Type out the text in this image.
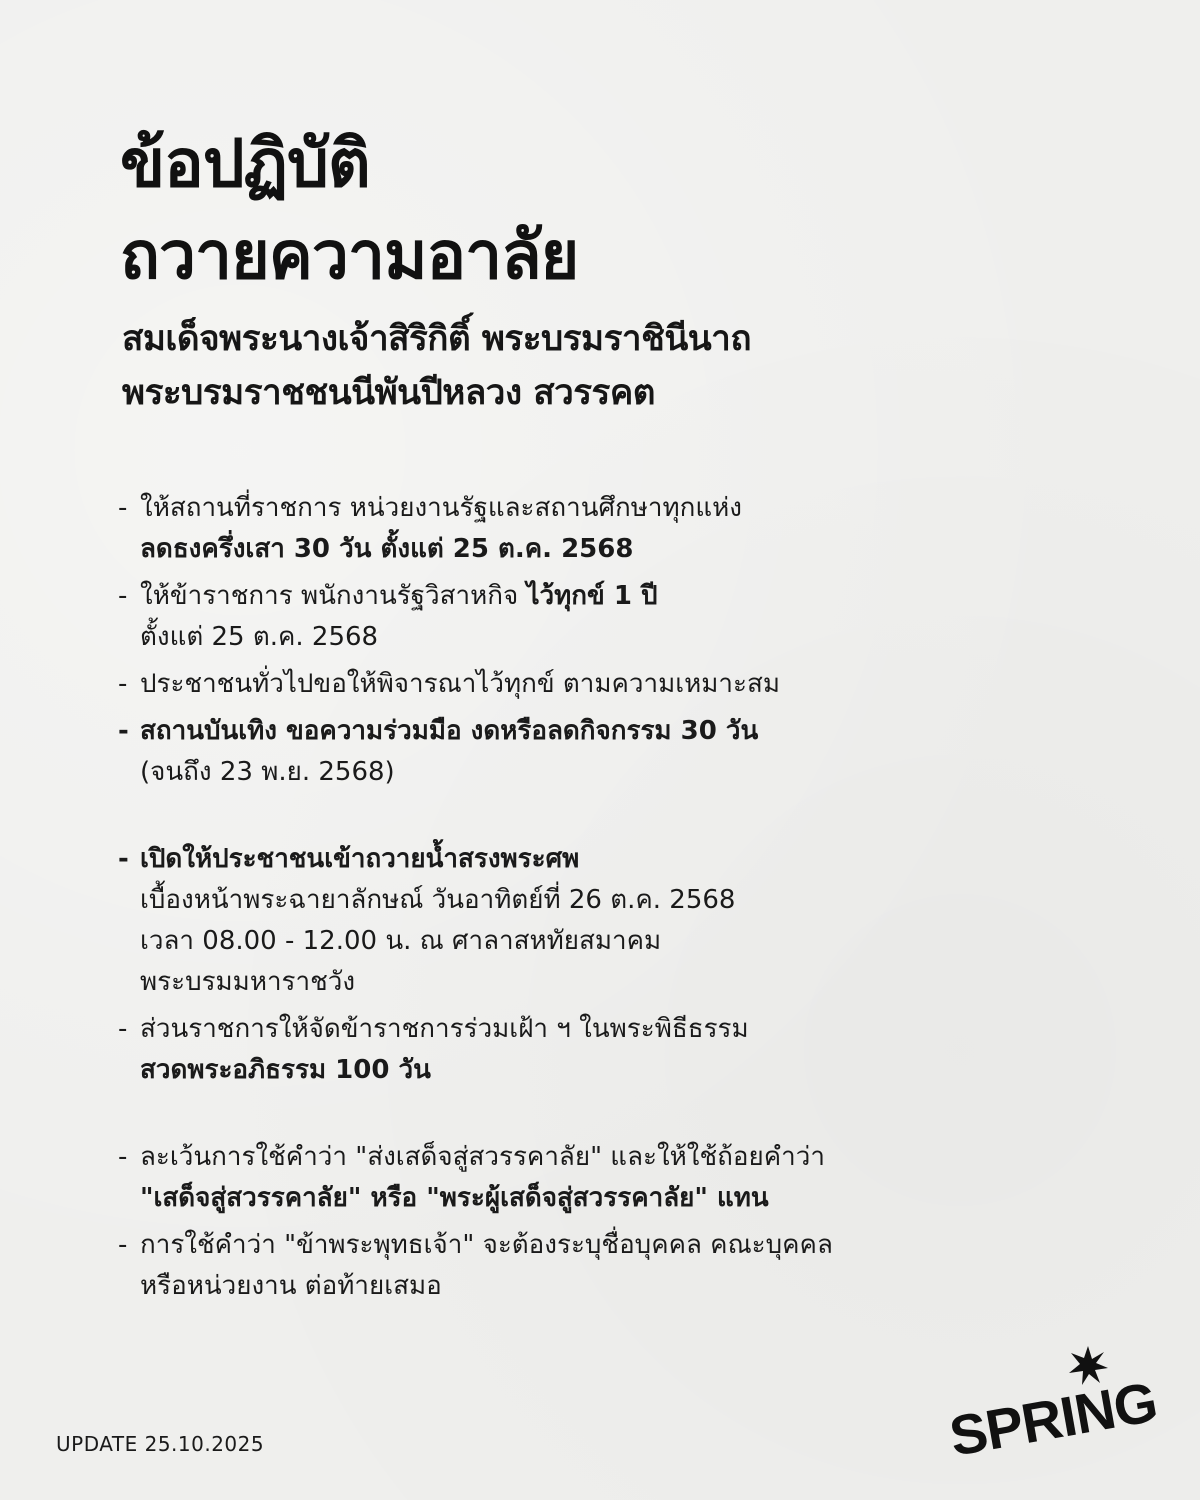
ข้อปฏิบัติ
ถวายความอาลัย
สมเด็จพระนางเจ้าสิริกิติ์ พระบรมราชินีนาถ
พระบรมราชชนนีพันปีหลวง สวรรคต
- ให้สถานที่ราชการ หน่วยงานรัฐและสถานศึกษาทุกแห่ง
ลดธงครึ่งเสา 30 วัน ตั้งแต่ 25 ต.ค. 2568
- ให้ข้าราชการ พนักงานรัฐวิสาหกิจ ไว้ทุกข์ 1 ปี
ตั้งแต่ 25 ต.ค. 2568
- ประชาชนทั่วไปขอให้พิจารณาไว้ทุกข์ ตามความเหมาะสม
- สถานบันเทิง ขอความร่วมมือ งดหรือลดกิจกรรม 30 วัน
(จนถึง 23 พ.ย. 2568)
- เปิดให้ประชาชนเข้าถวายน้ำสรงพระศพ
เบื้องหน้าพระฉายาลักษณ์ วันอาทิตย์ที่ 26 ต.ค. 2568
เวลา 08.00 - 12.00 น. ณ ศาลาสหทัยสมาคม
พระบรมมหาราชวัง
- ส่วนราชการให้จัดข้าราชการร่วมเฝ้า ฯ ในพระพิธีธรรม
สวดพระอภิธรรม 100 วัน
- ละเว้นการใช้คำว่า "ส่งเสด็จสู่สวรรคาลัย" และให้ใช้ถ้อยคำว่า
"เสด็จสู่สวรรคาลัย" หรือ "พระผู้เสด็จสู่สวรรคาลัย" แทน
- การใช้คำว่า "ข้าพระพุทธเจ้า" จะต้องระบุชื่อบุคคล คณะบุคคล
หรือหน่วยงาน ต่อท้ายเสมอ
UPDATE 25.10.2025	SPRING
